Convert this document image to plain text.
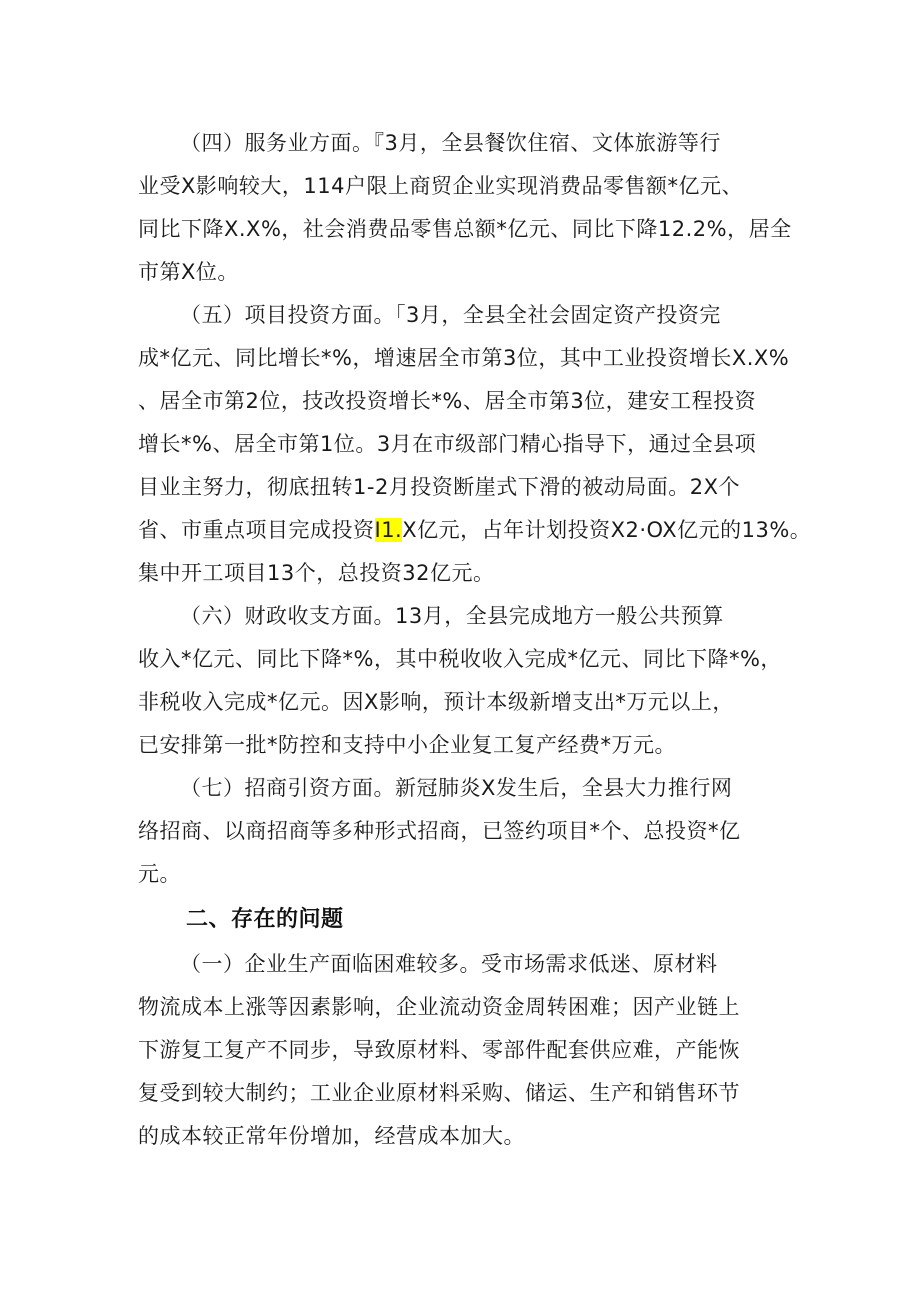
（四）服务业方面。『3月，全县餐饮住宿、文体旅游等行
业受X影响较大，114户限上商贸企业实现消费品零售额*亿元、
同比下降X.X%，社会消费品零售总额*亿元、同比下降12.2%，居全
市第X位。

（五）项目投资方面。「3月，全县全社会固定资产投资完
成*亿元、同比增长*%，增速居全市第3位，其中工业投资增长X.X%
、居全市第2位，技改投资增长*%、居全市第3位，建安工程投资
增长*%、居全市第1位。3月在市级部门精心指导下，通过全县项
目业主努力，彻底扭转1-2月投资断崖式下滑的被动局面。2X个
省、市重点项目完成投资I1.X亿元，占年计划投资X2·OX亿元的13%。
集中开工项目13个，总投资32亿元。

（六）财政收支方面。13月，全县完成地方一般公共预算
收入*亿元、同比下降*%，其中税收收入完成*亿元、同比下降*%，
非税收入完成*亿元。因X影响，预计本级新增支出*万元以上，
已安排第一批*防控和支持中小企业复工复产经费*万元。

（七）招商引资方面。新冠肺炎X发生后，全县大力推行网
络招商、以商招商等多种形式招商，已签约项目*个、总投资*亿
元。

二、存在的问题

（一）企业生产面临困难较多。受市场需求低迷、原材料
物流成本上涨等因素影响，企业流动资金周转困难；因产业链上
下游复工复产不同步，导致原材料、零部件配套供应难，产能恢
复受到较大制约；工业企业原材料采购、储运、生产和销售环节
的成本较正常年份增加，经营成本加大。
